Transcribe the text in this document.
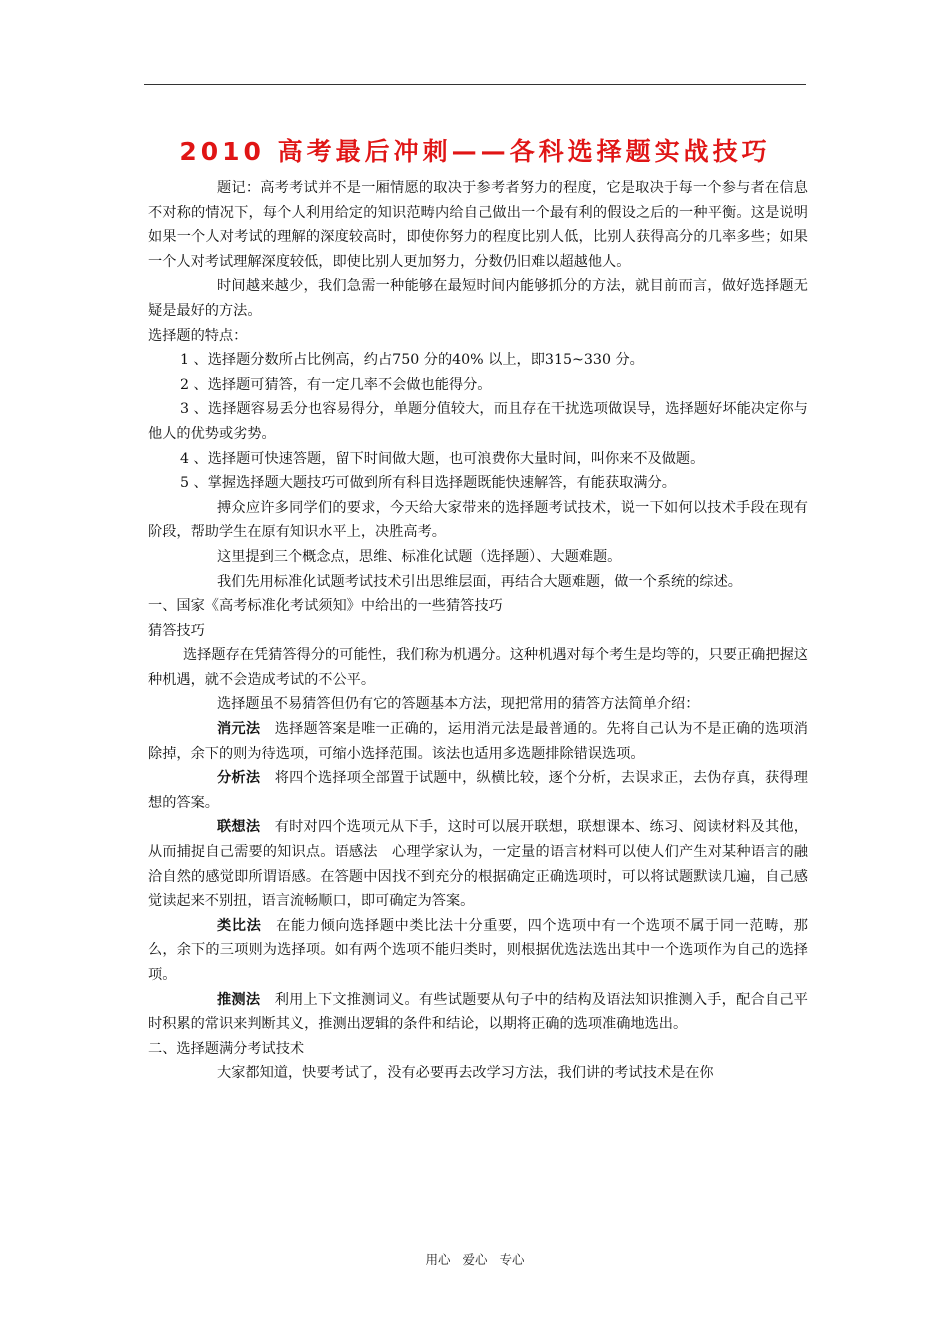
2010 高考最后冲刺——各科选择题实战技巧

题记：高考考试并不是一厢情愿的取决于参考者努力的程度，它是取决于每一个参与者在信息不对称的情况下，每个人利用给定的知识范畴内给自己做出一个最有利的假设之后的一种平衡。这是说明如果一个人对考试的理解的深度较高时，即使你努力的程度比别人低，比别人获得高分的几率多些；如果一个人对考试理解深度较低，即使比别人更加努力，分数仍旧难以超越他人。

时间越来越少，我们急需一种能够在最短时间内能够抓分的方法，就目前而言，做好选择题无疑是最好的方法。

选择题的特点：

1 、选择题分数所占比例高，约占750 分的40% 以上，即315~330 分。

2 、选择题可猜答，有一定几率不会做也能得分。

3 、选择题容易丢分也容易得分，单题分值较大，而且存在干扰选项做误导，选择题好坏能决定你与他人的优势或劣势。

4 、选择题可快速答题，留下时间做大题，也可浪费你大量时间，叫你来不及做题。

5 、掌握选择题大题技巧可做到所有科目选择题既能快速解答，有能获取满分。

搏众应许多同学们的要求，今天给大家带来的选择题考试技术，说一下如何以技术手段在现有阶段，帮助学生在原有知识水平上，决胜高考。

这里提到三个概念点，思维、标准化试题（选择题）、大题难题。

我们先用标准化试题考试技术引出思维层面，再结合大题难题，做一个系统的综述。

一、国家《高考标准化考试须知》中给出的一些猜答技巧

猜答技巧

选择题存在凭猜答得分的可能性，我们称为机遇分。这种机遇对每个考生是均等的，只要正确把握这种机遇，就不会造成考试的不公平。

选择题虽不易猜答但仍有它的答题基本方法，现把常用的猜答方法简单介绍：

消元法　 选择题答案是唯一正确的，运用消元法是最普通的。先将自己认为不是正确的选项消除掉，余下的则为待选项，可缩小选择范围。该法也适用多选题排除错误选项。

分析法　 将四个选择项全部置于试题中，纵横比较，逐个分析，去误求正，去伪存真，获得理想的答案。

联想法　 有时对四个选项元从下手，这时可以展开联想，联想课本、练习、阅读材料及其他，从而捕捉自己需要的知识点。语感法　心理学家认为，一定量的语言材料可以使人们产生对某种语言的融洽自然的感觉即所谓语感。在答题中因找不到充分的根据确定正确选项时，可以将试题默读几遍，自己感觉读起来不别扭，语言流畅顺口，即可确定为答案。

类比法　 在能力倾向选择题中类比法十分重要，四个选项中有一个选项不属于同一范畴，那么，余下的三项则为选择项。如有两个选项不能归类时，则根据优选法选出其中一个选项作为自己的选择项。

推测法　 利用上下文推测词义。有些试题要从句子中的结构及语法知识推测入手，配合自己平时积累的常识来判断其义，推测出逻辑的条件和结论，以期将正确的选项准确地选出。

二、选择题满分考试技术

大家都知道，快要考试了，没有必要再去改学习方法，我们讲的考试技术是在你

用心 爱心 专心
